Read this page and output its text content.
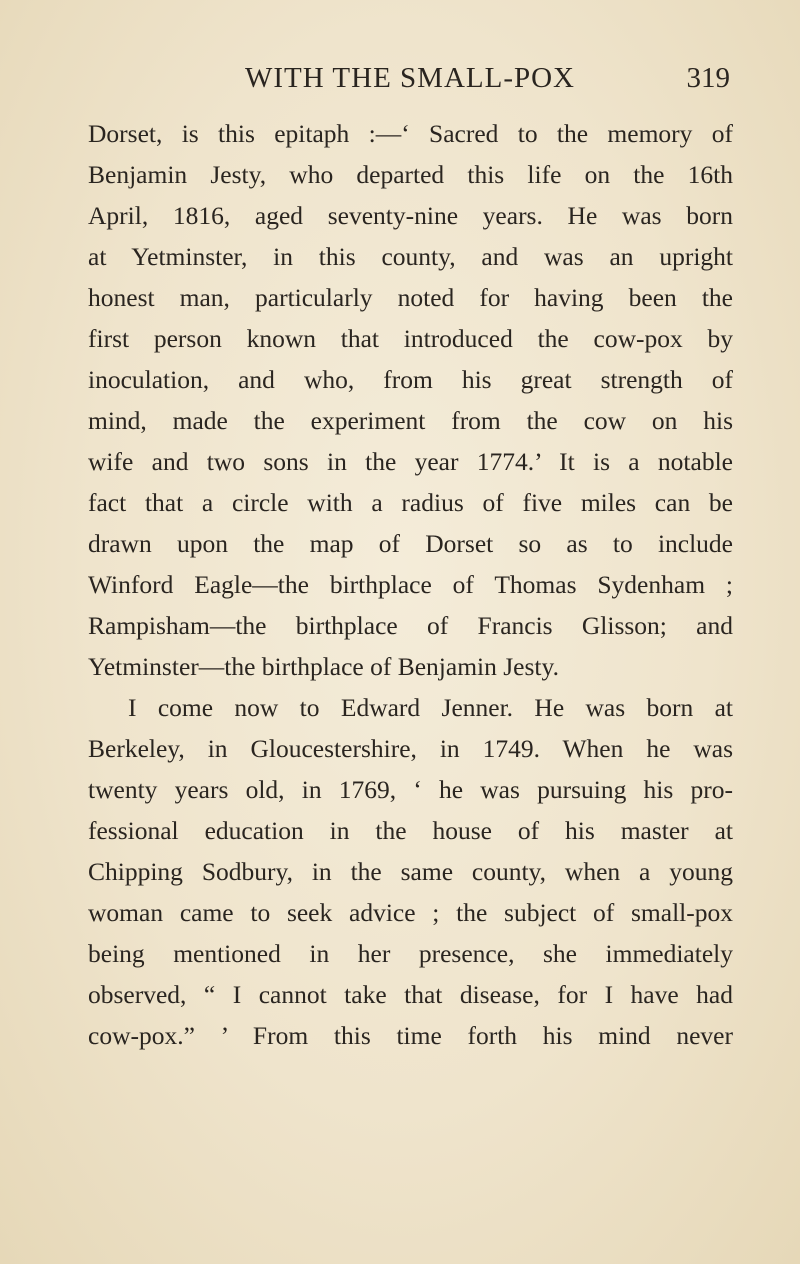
WITH THE SMALL-POX	319
Dorset, is this epitaph :—‘ Sacred to the memory of
Benjamin Jesty, who departed this life on the 16th
April, 1816, aged seventy-nine years. He was born
at Yetminster, in this county, and was an upright
honest man, particularly noted for having been the
first person known that introduced the cow-pox by
inoculation, and who, from his great strength of
mind, made the experiment from the cow on his
wife and two sons in the year 1774.’ It is a notable
fact that a circle with a radius of five miles can be
drawn upon the map of Dorset so as to include
Winford Eagle—the birthplace of Thomas Sydenham ;
Rampisham—the birthplace of Francis Glisson; and
Yetminster—the birthplace of Benjamin Jesty.
I come now to Edward Jenner. He was born at
Berkeley, in Gloucestershire, in 1749. When he was
twenty years old, in 1769, ‘ he was pursuing his pro-
fessional education in the house of his master at
Chipping Sodbury, in the same county, when a young
woman came to seek advice ; the subject of small-pox
being mentioned in her presence, she immediately
observed, “ I cannot take that disease, for I have had
cow-pox.” ’ From this time forth his mind never
